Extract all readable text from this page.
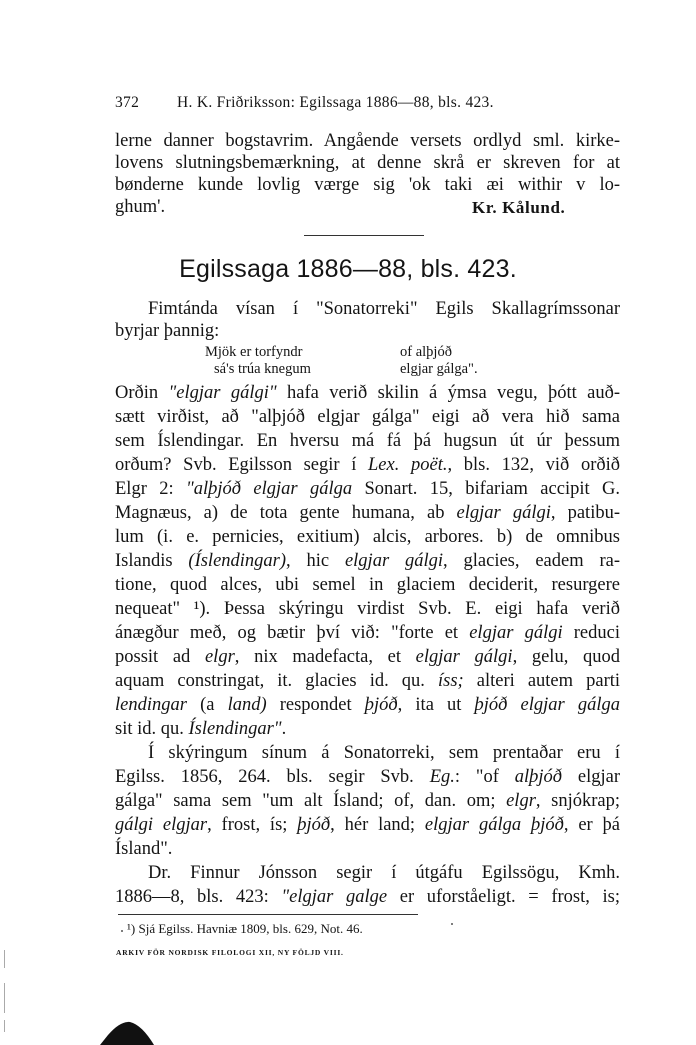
372 H. K. Friðriksson: Egilssaga 1886—88, bls. 423.
lerne danner bogstavrim. Angående versets ordlyd sml. kirke-
lovens slutningsbemærkning, at denne skrå er skreven for at
bønderne kunde lovlig værge sig 'ok taki æi withir v lo-
ghum'.	Kr. Kålund.
Egilssaga 1886—88, bls. 423.
Fimtánda vísan í "Sonatorreki" Egils Skallagrímssonar
byrjar þannig:
Mjök er torfyndr
sá's trúa knegum
of alþjóð
elgjar gálga".
Orðin "elgjar gálgi" hafa verið skilin á ýmsa vegu, þótt auð-
sætt virðist, að "alþjóð elgjar gálga" eigi að vera hið sama
sem Íslendingar. En hversu má fá þá hugsun út úr þessum
orðum? Svb. Egilsson segir í Lex. poët., bls. 132, við orðið
Elgr 2: "alþjóð elgjar gálga Sonart. 15, bifariam accipit G.
Magnæus, a) de tota gente humana, ab elgjar gálgi, patibu-
lum (i. e. pernicies, exitium) alcis, arbores. b) de omnibus
Islandis (Íslendingar), hic elgjar gálgi, glacies, eadem ra-
tione, quod alces, ubi semel in glaciem deciderit, resurgere
nequeat" ¹). Þessa skýringu virdist Svb. E. eigi hafa verið
ánægður með, og bætir því við: "forte et elgjar gálgi reduci
possit ad elgr, nix madefacta, et elgjar gálgi, gelu, quod
aquam constringat, it. glacies id. qu. íss; alteri autem parti
lendingar (a land) respondet þjóð, ita ut þjóð elgjar gálga
sit id. qu. Íslendingar".
Í skýringum sínum á Sonatorreki, sem prentaðar eru í
Egilss. 1856, 264. bls. segir Svb. Eg.: "of alþjóð elgjar
gálga" sama sem "um alt Ísland; of, dan. om; elgr, snjókrap;
gálgi elgjar, frost, ís; þjóð, hér land; elgjar gálga þjóð, er þá
Ísland".
Dr. Finnur Jónsson segir í útgáfu Egilssögu, Kmh.
1886—8, bls. 423: "elgjar galge er uforståeligt. = frost, is;
¹) Sjá Egilss. Havniæ 1809, bls. 629, Not. 46.
ARKIV FÖR NORDISK FILOLOGI XII, NY FÖLJD VIII.
